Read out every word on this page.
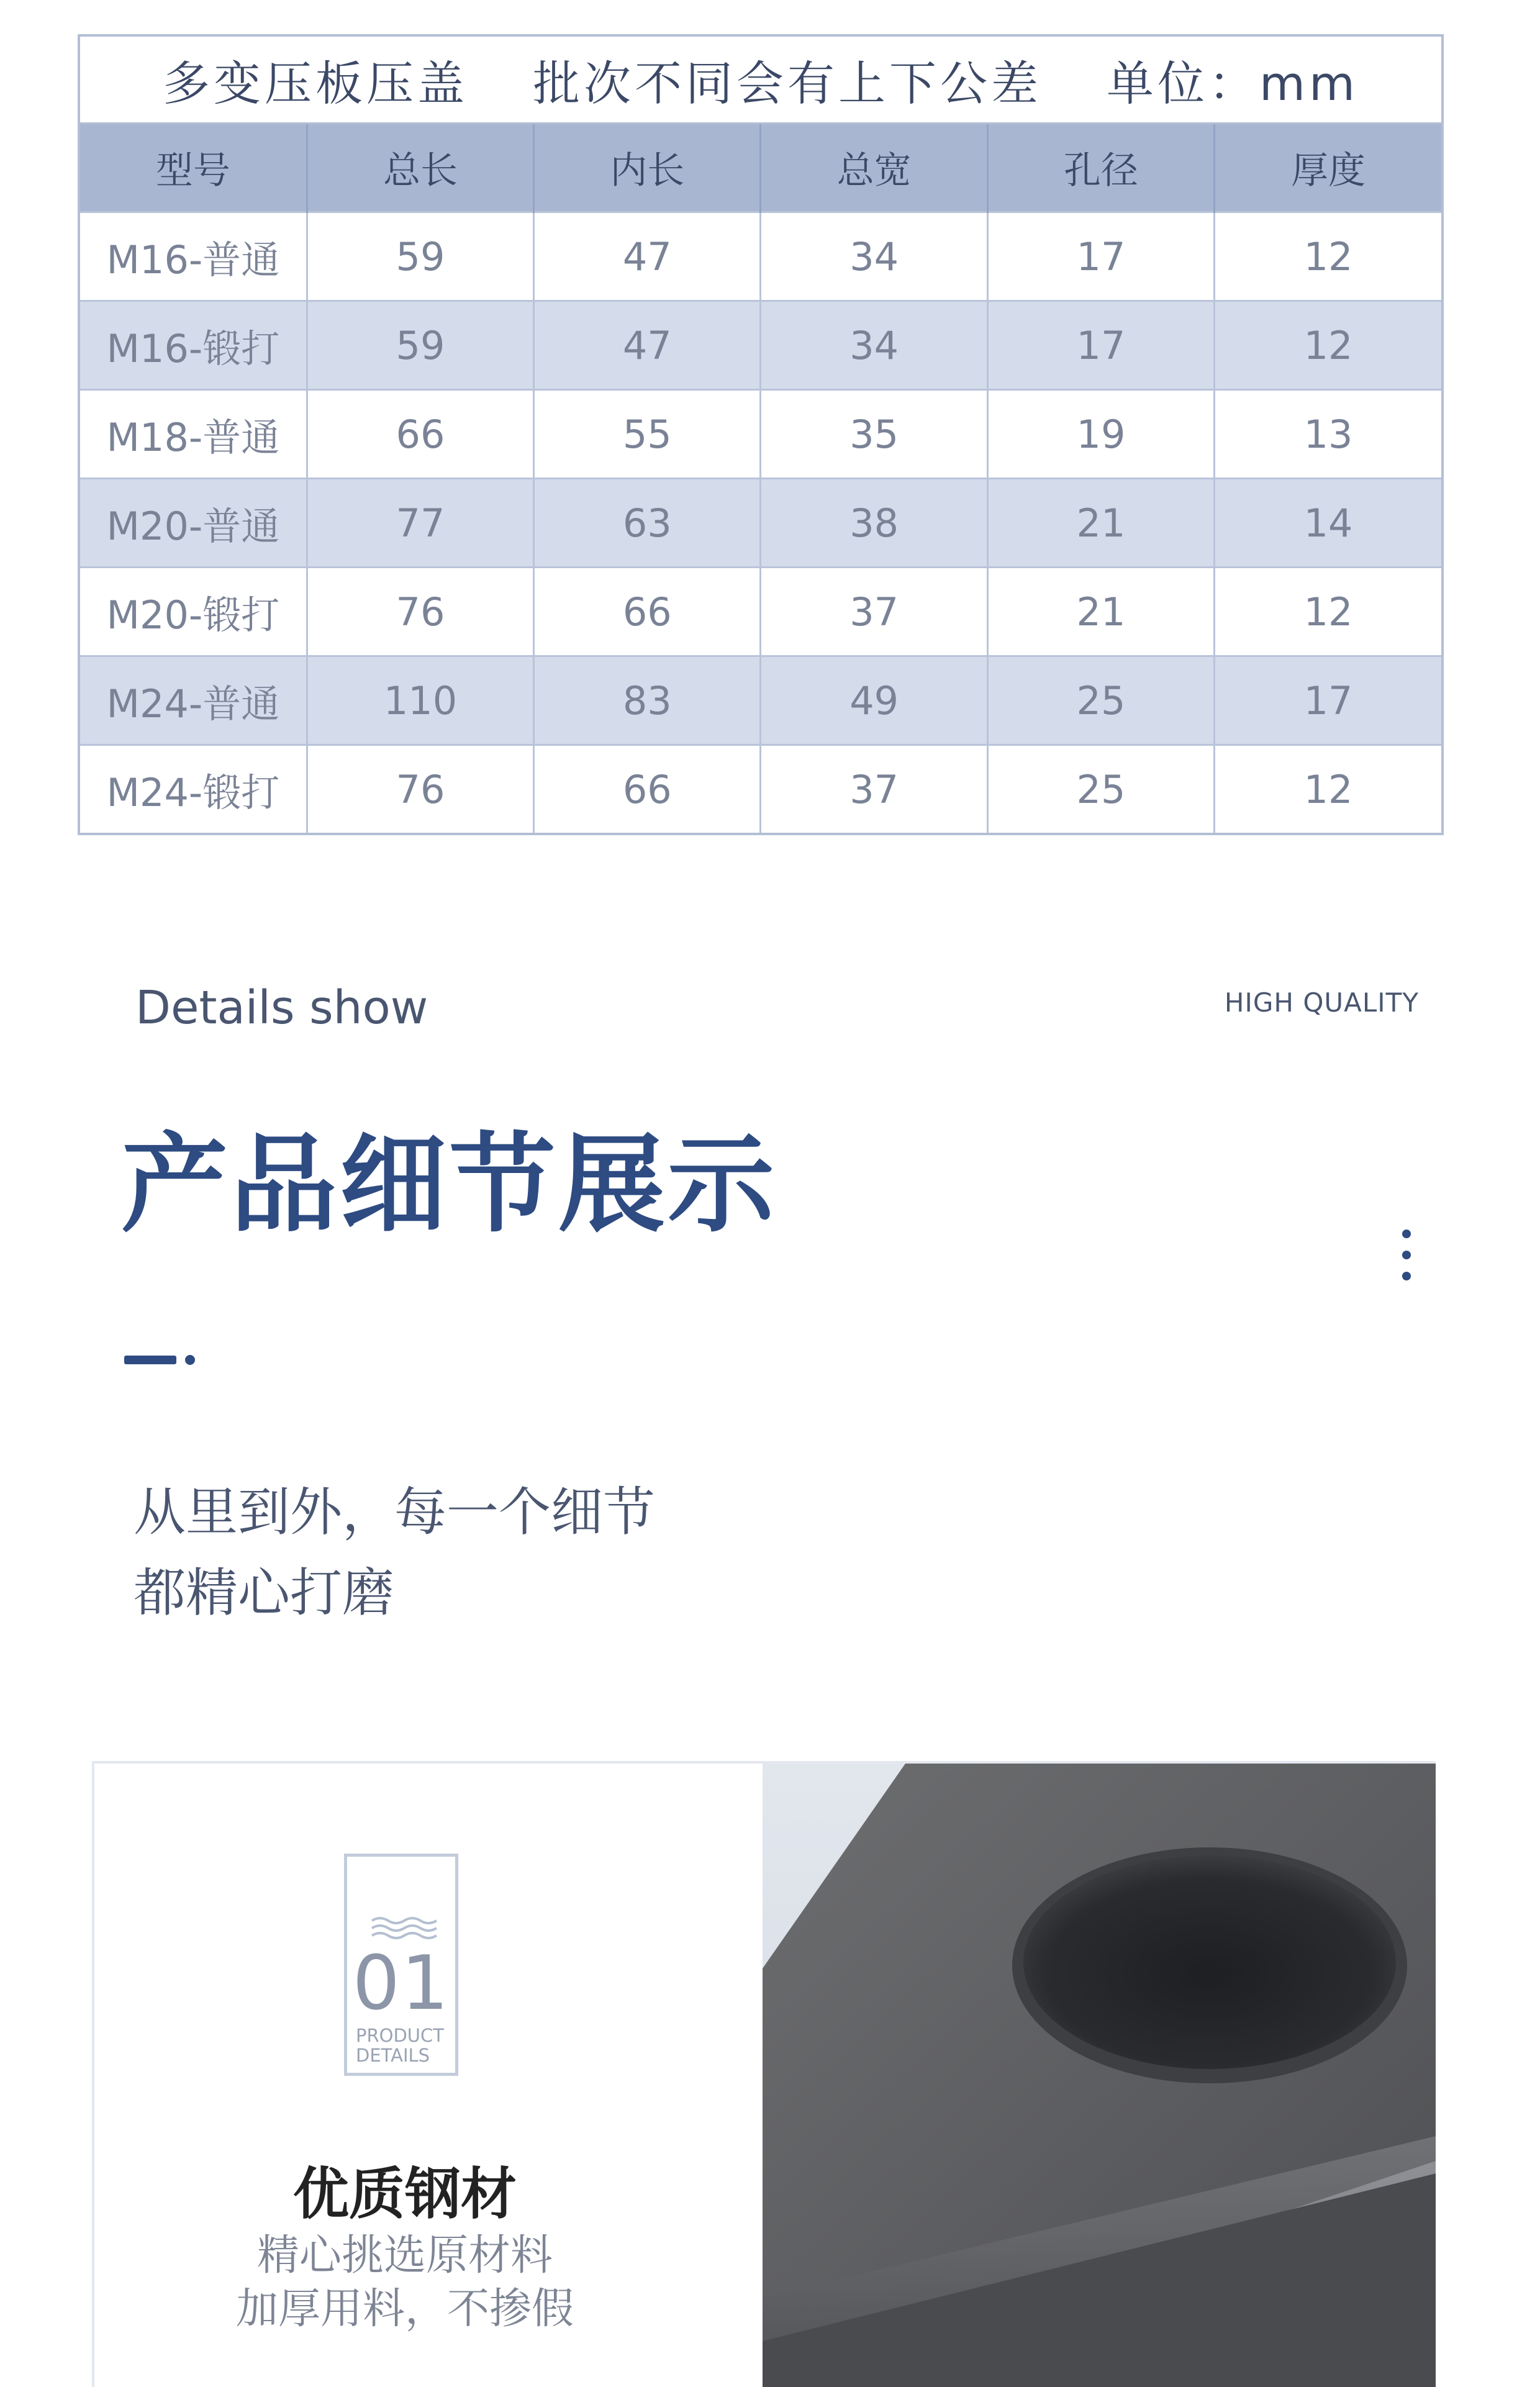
多变压板压盖 批次不同会有上下公差 单位：mm
型号	总长	内长	总宽	孔径	厚度
M16-普通	59	47	34	17	12
M16-锻打	59	47	34	17	12
M18-普通	66	55	35	19	13
M20-普通	77	63	38	21	14
M20-锻打	76	66	37	21	12
M24-普通	110	83	49	25	17
M24-锻打	76	66	37	25	12
Details show	HIGH QUALITY
产品细节展示
从里到外，每一个细节
都精心打磨
01
PRODUCT
DETAILS
优质钢材
精心挑选原材料
加厚用料，不掺假
